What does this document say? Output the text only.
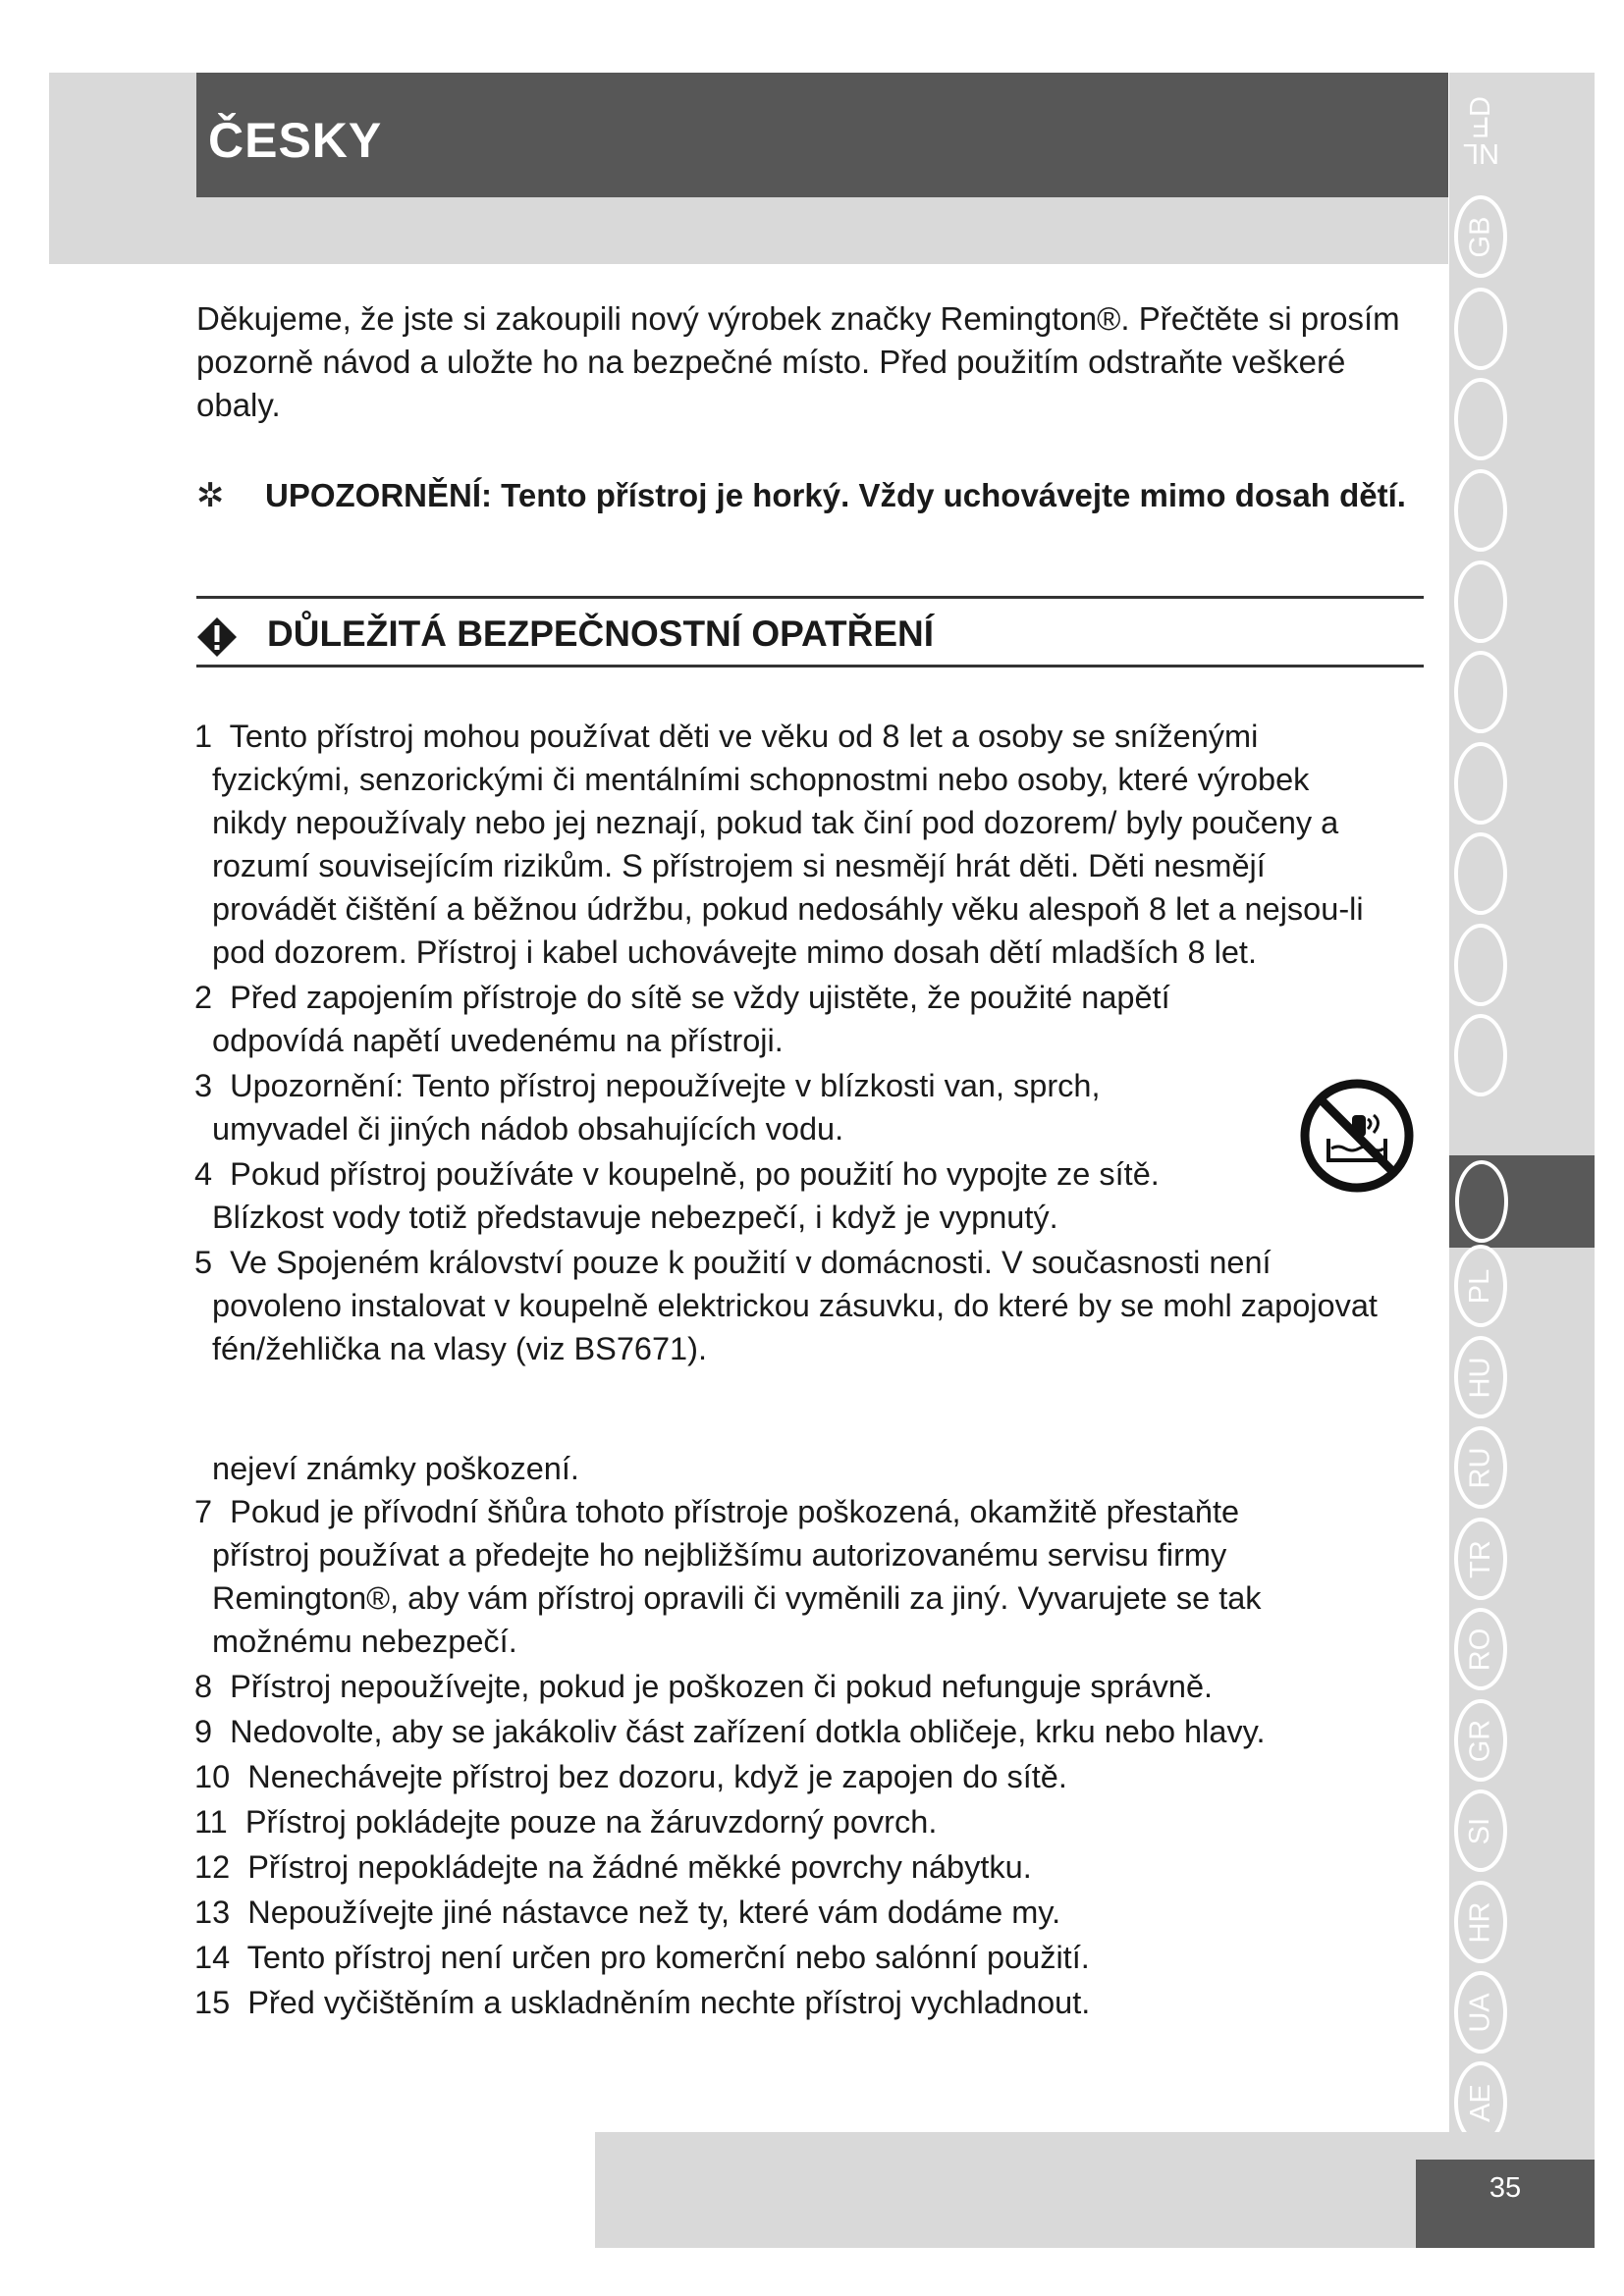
ČESKY
D
NLF
GB
PL
HU
RU
TR
RO
GR
SI
HR
UA
AE

Děkujeme, že jste si zakoupili nový výrobek značky Remington®. Přečtěte si prosím pozorně návod a uložte ho na bezpečné místo. Před použitím odstraňte veškeré obaly.

✲ UPOZORNĚNÍ: Tento přístroj je horký. Vždy uchovávejte mimo dosah dětí.

DŮLEŽITÁ BEZPEČNOSTNÍ OPATŘENÍ
1 Tento přístroj mohou používat děti ve věku od 8 let a osoby se sníženými fyzickými, senzorickými či mentálními schopnostmi nebo osoby, které výrobek nikdy nepoužívaly nebo jej neznají, pokud tak činí pod dozorem/ byly poučeny a rozumí souvisejícím rizikům. S přístrojem si nesmějí hrát děti. Děti nesmějí provádět čištění a běžnou údržbu, pokud nedosáhly věku alespoň 8 let a nejsou-li pod dozorem. Přístroj i kabel uchovávejte mimo dosah dětí mladších 8 let.
2 Před zapojením přístroje do sítě se vždy ujistěte, že použité napětí odpovídá napětí uvedenému na přístroji.
3 Upozornění: Tento přístroj nepoužívejte v blízkosti van, sprch, umyvadel či jiných nádob obsahujících vodu.
4 Pokud přístroj používáte v koupelně, po použití ho vypojte ze sítě. Blízkost vody totiž představuje nebezpečí, i když je vypnutý.
5 Ve Spojeném království pouze k použití v domácnosti. V současnosti není povoleno instalovat v koupelně elektrickou zásuvku, do které by se mohl zapojovat fén/žehlička na vlasy (viz BS7671).
nejeví známky poškození.
7 Pokud je přívodní šňůra tohoto přístroje poškozená, okamžitě přestaňte přístroj používat a předejte ho nejbližšímu autorizovanému servisu firmy Remington®, aby vám přístroj opravili či vyměnili za jiný. Vyvarujete se tak možnému nebezpečí.
8 Přístroj nepoužívejte, pokud je poškozen či pokud nefunguje správně.
9 Nedovolte, aby se jakákoliv část zařízení dotkla obličeje, krku nebo hlavy.
10 Nenechávejte přístroj bez dozoru, když je zapojen do sítě.
11 Přístroj pokládejte pouze na žáruvzdorný povrch.
12 Přístroj nepokládejte na žádné měkké povrchy nábytku.
13 Nepoužívejte jiné nástavce než ty, které vám dodáme my.
14 Tento přístroj není určen pro komerční nebo salónní použití.
15 Před vyčištěním a uskladněním nechte přístroj vychladnout.
35
